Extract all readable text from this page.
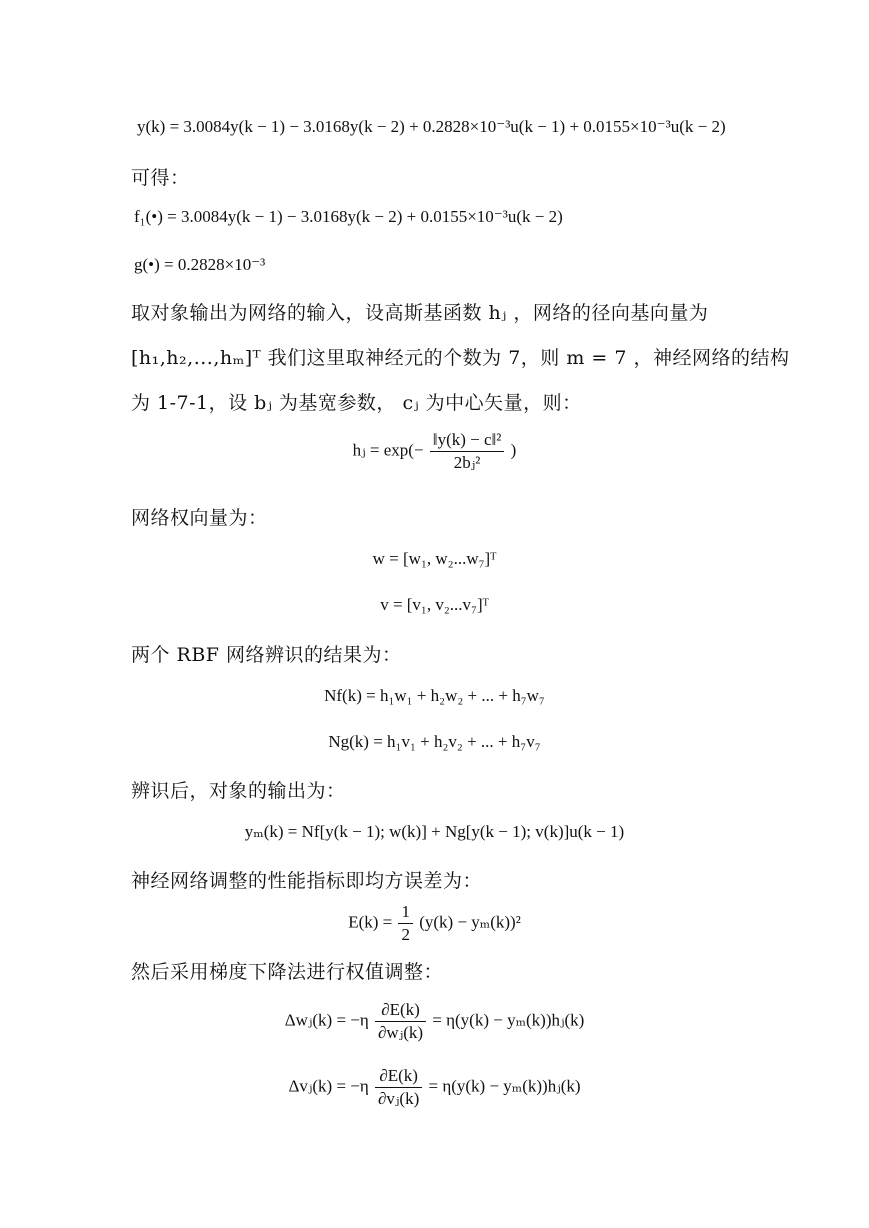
y(k) = 3.0084y(k − 1) − 3.0168y(k − 2) + 0.2828×10⁻³u(k − 1) + 0.0155×10⁻³u(k − 2)
可得：
f₁(•) = 3.0084y(k − 1) − 3.0168y(k − 2) + 0.0155×10⁻³u(k − 2)
g(•) = 0.2828×10⁻³
取对象输出为网络的输入，设高斯基函数 hⱼ ，网络的径向基向量为
[h₁,h₂,...,hₘ]ᵀ 我们这里取神经元的个数为 7，则 m = 7 ，神经网络的结构
为 1-7-1，设 bⱼ 为基宽参数， cⱼ 为中心矢量，则：
hⱼ = $\exp(- \frac{\text{‖y(k) − c‖²}}{\text{2bⱼ²}}$ )
网络权向量为：
w = [w₁, w₂...w₇]ᵀ
v = [v₁, v₂...v₇]ᵀ
两个 RBF 网络辨识的结果为：
Nf(k) = h₁w₁ + h₂w₂ + ... + h₇w₇
Ng(k) = h₁v₁ + h₂v₂ + ... + h₇v₇
辨识后，对象的输出为：
yₘ(k) = Nf[y(k − 1); w(k)] + Ng[y(k − 1); v(k)]u(k − 1)
神经网络调整的性能指标即均方误差为：
$E(k) = \frac{1}{2} (y(k) - y_m(k))^2$
然后采用梯度下降法进行权值调整：
Δwⱼ(k) = $-\eta \frac{\partial E(k)}{\text{∂wⱼ(k)}} = \eta(y(k)$ − yₘ(k))hⱼ(k)
Δvⱼ(k) = $-\eta \frac{\partial E(k)}{\text{∂vⱼ(k)}} = \eta(y(k)$ − yₘ(k))hⱼ(k)
